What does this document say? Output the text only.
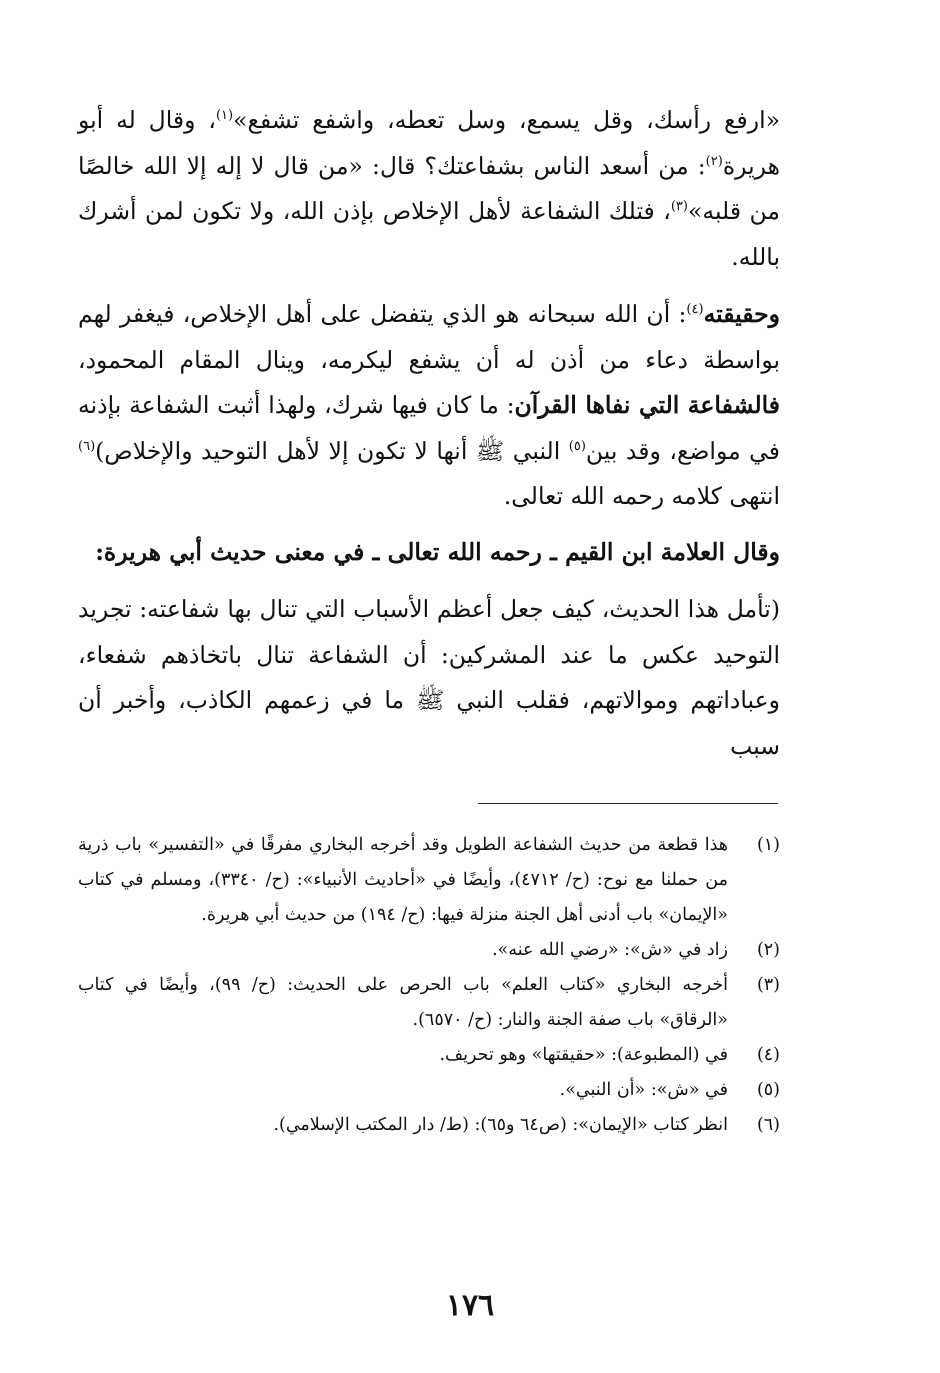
«ارفع رأسك، وقل يسمع، وسل تعطه، واشفع تشفع»$^{(١)}$، وقال له أبو هريرة$^{(٢)}$: من أسعد الناس بشفاعتك؟ قال: «من قال لا إله إلا الله خالصًا من قلبه»$^{(٣)}$، فتلك الشفاعة لأهل الإخلاص بإذن الله، ولا تكون لمن أشرك بالله.

وحقيقته$^{(٤)}$: أن الله سبحانه هو الذي يتفضل على أهل الإخلاص، فيغفر لهم بواسطة دعاء من أذن له أن يشفع ليكرمه، وينال المقام المحمود، فالشفاعة التي نفاها القرآن: ما كان فيها شرك، ولهذا أثبت الشفاعة بإذنه في مواضع، وقد بين$^{(٥)}$ النبي ﷺ أنها لا تكون إلا لأهل التوحيد والإخلاص)$^{(٦)}$ انتهى كلامه رحمه الله تعالى.

وقال العلامة ابن القيم ـ رحمه الله تعالى ـ في معنى حديث أبي هريرة:

(تأمل هذا الحديث، كيف جعل أعظم الأسباب التي تنال بها شفاعته: تجريد التوحيد عكس ما عند المشركين: أن الشفاعة تنال باتخاذهم شفعاء، وعباداتهم وموالاتهم، فقلب النبي ﷺ ما في زعمهم الكاذب، وأخبر أن سبب

(١)
هذا قطعة من حديث الشفاعة الطويل وقد أخرجه البخاري مفرقًا في «التفسير» باب ذرية من حملنا مع نوح: (ح/ ٤٧١٢)، وأيضًا في «أحاديث الأنبياء»: (ح/ ٣٣٤٠)، ومسلم في كتاب «الإيمان» باب أدنى أهل الجنة منزلة فيها: (ح/ ١٩٤) من حديث أبي هريرة.
(٢)
زاد في «ش»: «رضي الله عنه».
(٣)
أخرجه البخاري «كتاب العلم» باب الحرص على الحديث: (ح/ ٩٩)، وأيضًا في كتاب «الرقاق» باب صفة الجنة والنار: (ح/ ٦٥٧٠).
(٤)
في (المطبوعة): «حقيقتها» وهو تحريف.
(٥)
في «ش»: «أن النبي».
(٦)
انظر كتاب «الإيمان»: (ص٦٤ و٦٥): (ط/ دار المكتب الإسلامي).
١٧٦
